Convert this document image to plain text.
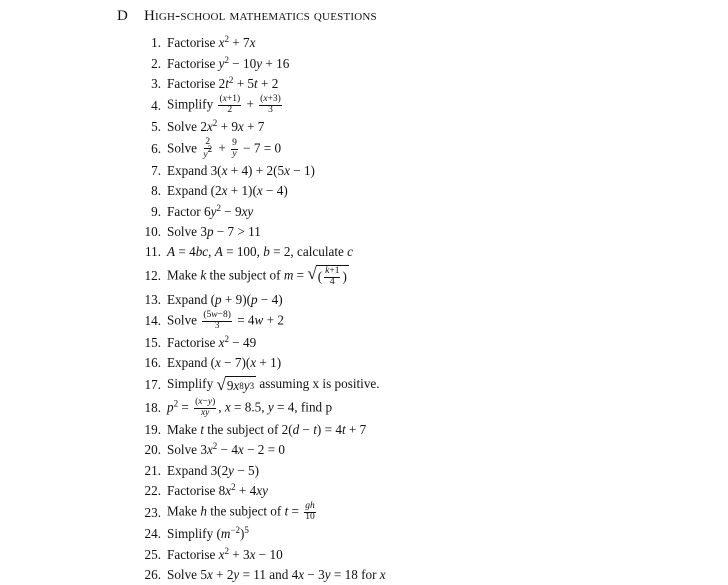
D High-school mathematics questions
1. Factorise $x^2 + 7x$
2. Factorise $y^2 - 10y + 16$
3. Factorise $2t^2 + 5t + 2$
4. Simplify $\frac{(x+1)}{2} + \frac{(x+3)}{3}$
5. Solve $2x^2 + 9x + 7$
6. Solve $\frac{2}{y^2} + \frac{9}{y} - 7 = 0$
7. Expand 3(x + 4) + 2(5x − 1)
8. Expand (2x + 1)(x − 4)
9. Factor $6y^2 - 9xy$
10. Solve 3p − 7 > 11
11. A = 4bc, A = 100, b = 2, calculate c
12. Make k the subject of m = √ ( $\frac{k+1}{4}$ )
13. Expand (p + 9)(p − 4)
14. Solve $\frac{(5w-8)}{3} = 4w + 2$
15. Factorise $x^2 - 49$
16. Expand (x − 7)(x + 1)
17. Simplify √ 9 x 8 y 3 assuming x is positive.
18. $p^2 = \frac{(x-y)}{xy}$ , x = 8.5, y = 4, find p
19. Make t the subject of 2(d − t) = 4t + 7
20. Solve $3x^2 - 4x - 2 = 0$
21. Expand 3(2y − 5)
22. Factorise $8x^2 + 4xy$
23. Make h the subject of $t = \frac{gh}{10}$
24. Simplify $(m^{-2})^5$
25. Factorise $x^2 + 3x - 10$
26. Solve 5x + 2y = 11 and 4x − 3y = 18 for x
